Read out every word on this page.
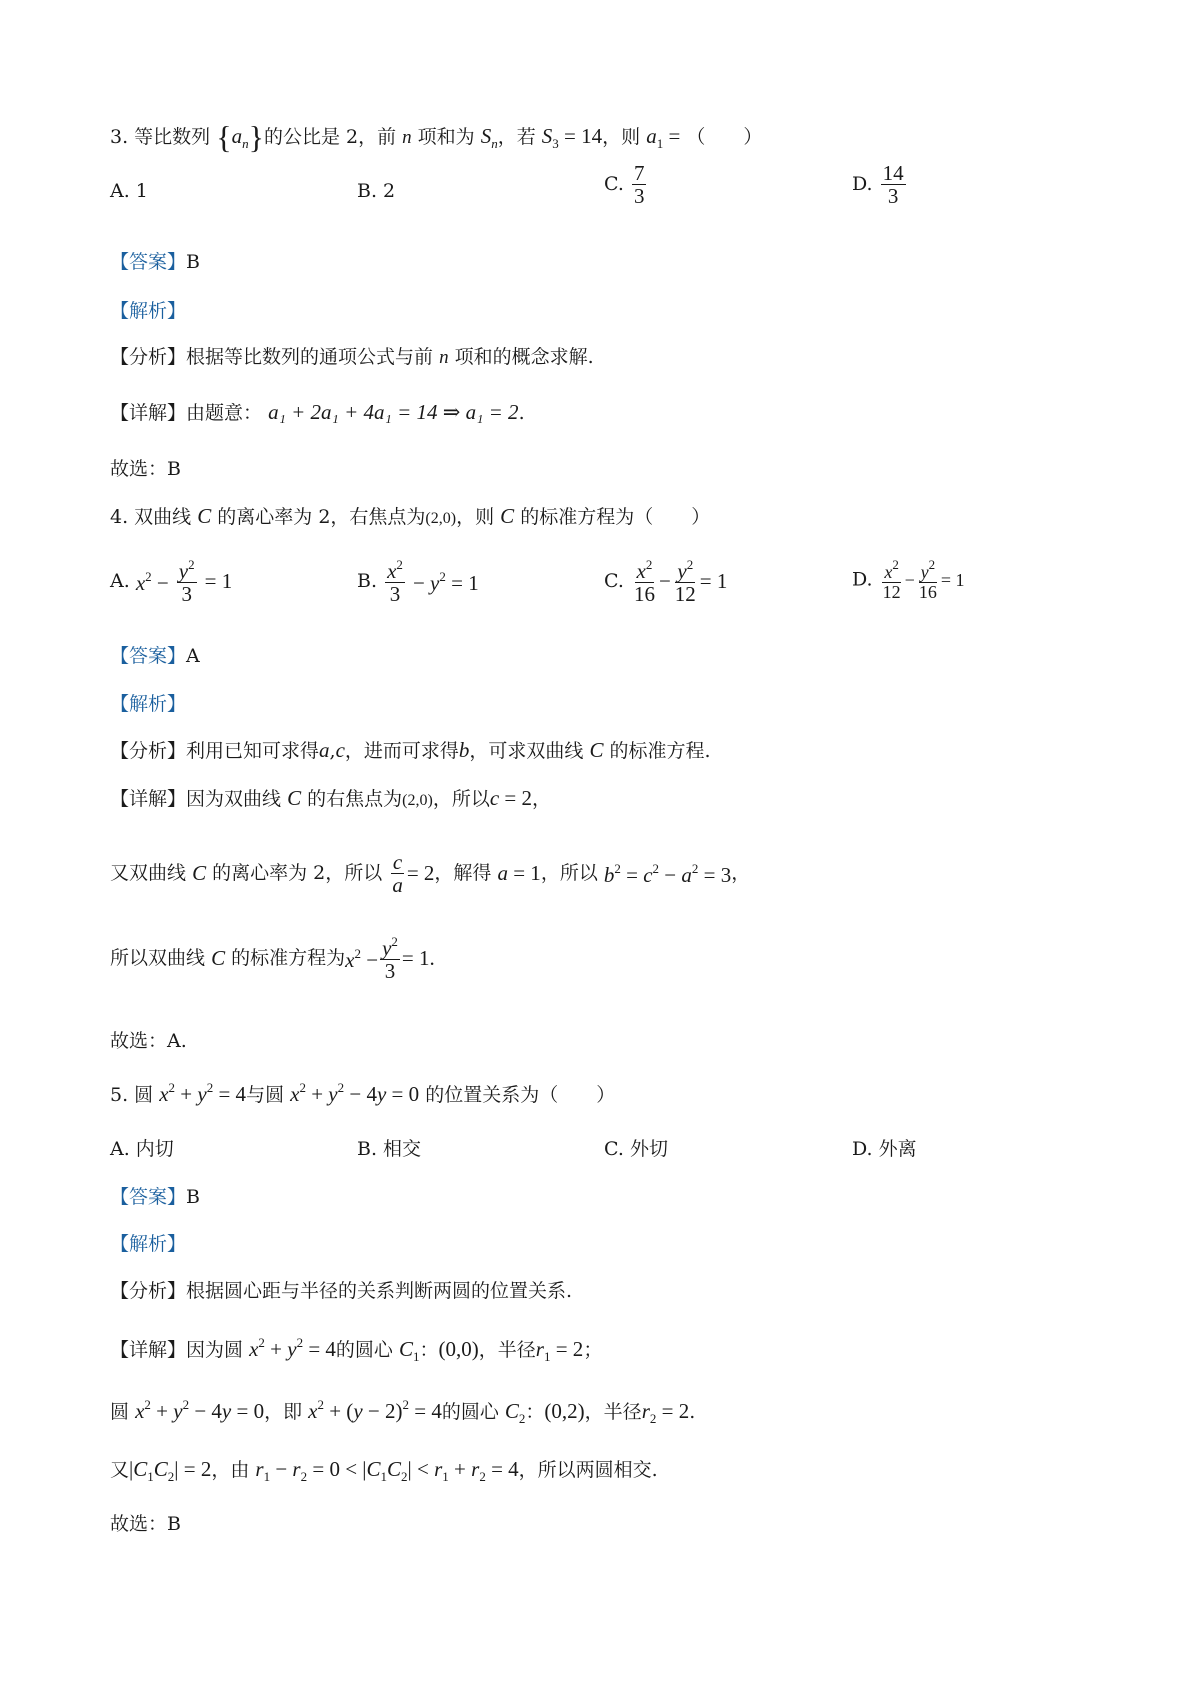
3. 等比数列 $\{a_n\}$的公比是 2，前 n 项和为 $S_n$，若 $S_3 = 14$，则 $a_1$ = （　　）
A. 1	B. 2	C. $\frac{7}{3}$	D. $\frac{14}{3}$
【答案】B
【解析】
【分析】根据等比数列的通项公式与前 n 项和的概念求解.
【详解】由题意： a₁ + 2a₁ + 4a₁ = 14 ⇒ a₁ = 2.
故选：B
4. 双曲线 C 的离心率为 2，右焦点为(2,0)，则 C 的标准方程为（　　）
A. $x^2 - \frac{y^2}{3} = 1$	B. $\frac{x^2}{3} - y^2 = 1$	C. $\frac{x^2}{16} - \frac{y^2}{12} = 1$	D. $\frac{x^2}{12} - \frac{y^2}{16} = 1$
【答案】A
【解析】
【分析】利用已知可求得a,c，进而可求得b，可求双曲线 C 的标准方程.
【详解】因为双曲线 C 的右焦点为(2,0)，所以c = 2，
又双曲线 C 的离心率为 2，所以 $\frac{c}{a} = 2$，解得 a = 1，所以 $b^2 = c^2 - a^2 = 3$，
所以双曲线 C 的标准方程为$x^2 - \frac{y^2}{3} = 1$.
故选：A.
5. 圆 $x^2 + y^2 = 4$与圆 $x^2 + y^2 - 4y = 0$ 的位置关系为（　　）
A. 内切	B. 相交	C. 外切	D. 外离
【答案】B
【解析】
【分析】根据圆心距与半径的关系判断两圆的位置关系.
【详解】因为圆 $x^2 + y^2 = 4$的圆心 $C_1$：(0,0)，半径$r_1 = 2$；
圆 $x^2 + y^2 - 4y = 0$，即 $x^2 + (y - 2)^2 = 4$的圆心 $C_2$：(0,2)，半径$r_2 = 2$.
又$|C_1C_2| = 2$，由 $r_1 - r_2 = 0 < |C_1C_2| < r_1 + r_2 = 4$，所以两圆相交.
故选：B
